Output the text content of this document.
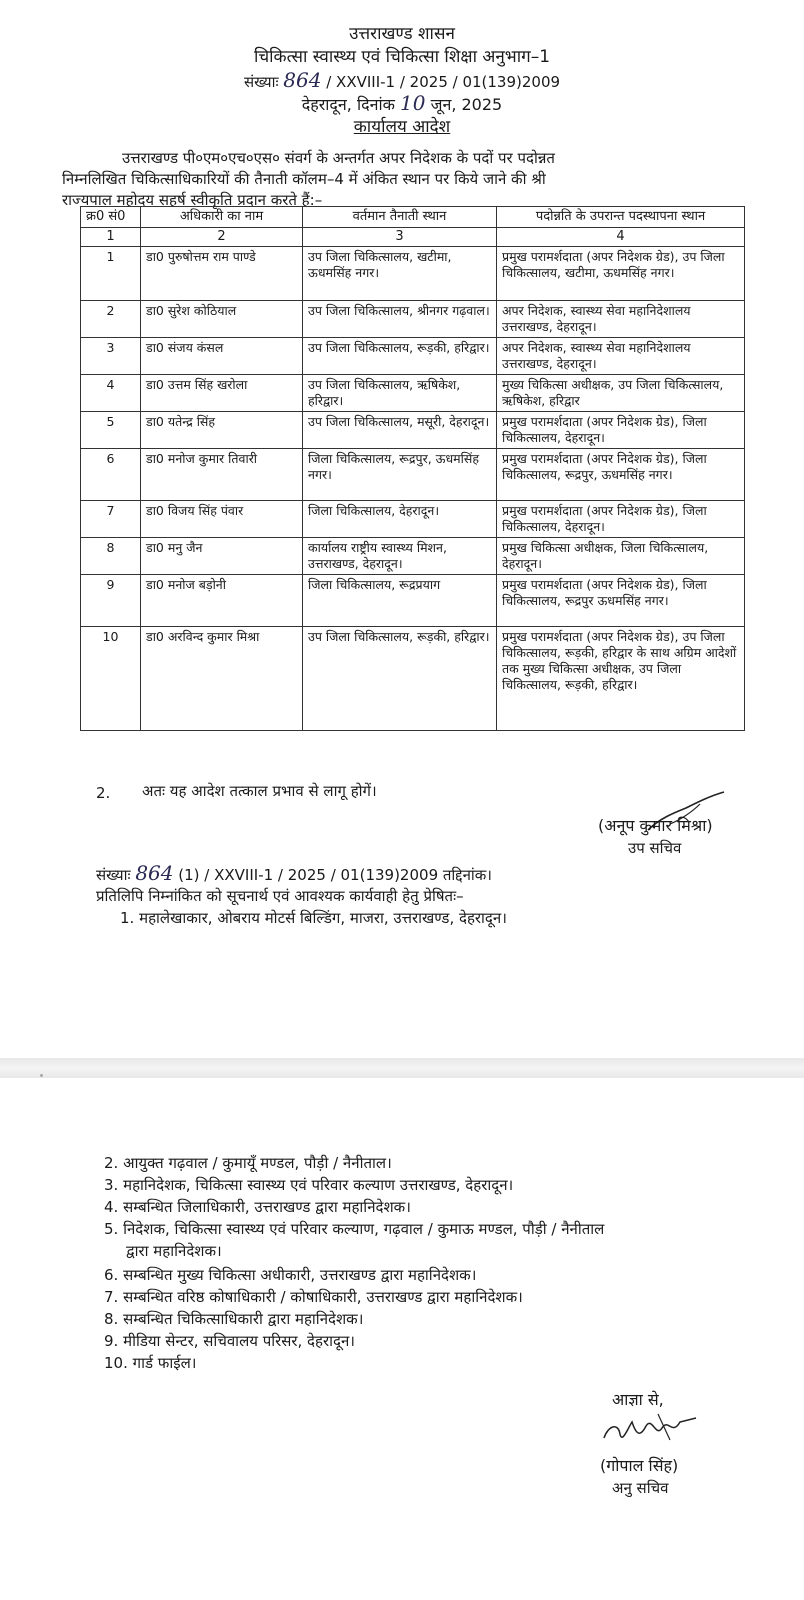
उत्तराखण्ड शासन
चिकित्सा स्वास्थ्य एवं चिकित्सा शिक्षा अनुभाग–1
संख्याः 864 / XXVIII-1 / 2025 / 01(139)2009
देहरादून, दिनांक 10 जून, 2025
कार्यालय आदेश
उत्तराखण्ड पी०एम०एच०एस० संवर्ग के अन्तर्गत अपर निदेशक के पदों पर पदोन्नत
निम्नलिखित चिकित्साधिकारियों की तैनाती कॉलम–4 में अंकित स्थान पर किये जाने की श्री
राज्यपाल महोदय सहर्ष स्वीकृति प्रदान करते हैं:–
क्र0 सं0	अधिकारी का नाम	वर्तमान तैनाती स्थान	पदोन्नति के उपरान्त पदस्थापना स्थान
1	2	3	4
1	डा0 पुरुषोत्तम राम पाण्डे	उप जिला चिकित्सालय, खटीमा, ऊधमसिंह नगर।	प्रमुख परामर्शदाता (अपर निदेशक ग्रेड), उप जिला चिकित्सालय, खटीमा, ऊधमसिंह नगर।
2	डा0 सुरेश कोठियाल	उप जिला चिकित्सालय, श्रीनगर गढ़वाल।	अपर निदेशक, स्वास्थ्य सेवा महानिदेशालय उत्तराखण्ड, देहरादून।
3	डा0 संजय कंसल	उप जिला चिकित्सालय, रूड़की, हरिद्वार।	अपर निदेशक, स्वास्थ्य सेवा महानिदेशालय उत्तराखण्ड, देहरादून।
4	डा0 उत्तम सिंह खरोला	उप जिला चिकित्सालय, ऋषिकेश, हरिद्वार।	मुख्य चिकित्सा अधीक्षक, उप जिला चिकित्सालय, ऋषिकेश, हरिद्वार
5	डा0 यतेन्द्र सिंह	उप जिला चिकित्सालय, मसूरी, देहरादून।	प्रमुख परामर्शदाता (अपर निदेशक ग्रेड), जिला चिकित्सालय, देहरादून।
6	डा0 मनोज कुमार तिवारी	जिला चिकित्सालय, रूद्रपुर, ऊधमसिंह नगर।	प्रमुख परामर्शदाता (अपर निदेशक ग्रेड), जिला चिकित्सालय, रूद्रपुर, ऊधमसिंह नगर।
7	डा0 विजय सिंह पंवार	जिला चिकित्सालय, देहरादून।	प्रमुख परामर्शदाता (अपर निदेशक ग्रेड), जिला चिकित्सालय, देहरादून।
8	डा0 मनु जैन	कार्यालय राष्ट्रीय स्वास्थ्य मिशन, उत्तराखण्ड, देहरादून।	प्रमुख चिकित्सा अधीक्षक, जिला चिकित्सालय, देहरादून।
9	डा0 मनोज बड़ोनी	जिला चिकित्सालय, रूद्रप्रयाग	प्रमुख परामर्शदाता (अपर निदेशक ग्रेड), जिला चिकित्सालय, रूद्रपुर ऊधमसिंह नगर।
10	डा0 अरविन्द कुमार मिश्रा	उप जिला चिकित्सालय, रूड़की, हरिद्वार।	प्रमुख परामर्शदाता (अपर निदेशक ग्रेड), उप जिला चिकित्सालय, रूड़की, हरिद्वार के साथ अग्रिम आदेशों तक मुख्य चिकित्सा अधीक्षक, उप जिला चिकित्सालय, रूड़की, हरिद्वार।
2. अतः यह आदेश तत्काल प्रभाव से लागू होगें।
(अनूप कुमार मिश्रा)
उप सचिव
संख्याः 864 (1) / XXVIII-1 / 2025 / 01(139)2009 तद्दिनांक।
प्रतिलिपि निम्नांकित को सूचनार्थ एवं आवश्यक कार्यवाही हेतु प्रेषितः–
1. महालेखाकार, ओबराय मोटर्स बिल्डिंग, माजरा, उत्तराखण्ड, देहरादून।
2. आयुक्त गढ़वाल / कुमायूँ मण्डल, पौड़ी / नैनीताल।
3. महानिदेशक, चिकित्सा स्वास्थ्य एवं परिवार कल्याण उत्तराखण्ड, देहरादून।
4. सम्बन्धित जिलाधिकारी, उत्तराखण्ड द्वारा महानिदेशक।
5. निदेशक, चिकित्सा स्वास्थ्य एवं परिवार कल्याण, गढ़वाल / कुमाऊ मण्डल, पौड़ी / नैनीताल
द्वारा महानिदेशक।
6. सम्बन्धित मुख्य चिकित्सा अधीकारी, उत्तराखण्ड द्वारा महानिदेशक।
7. सम्बन्धित वरिष्ठ कोषाधिकारी / कोषाधिकारी, उत्तराखण्ड द्वारा महानिदेशक।
8. सम्बन्धित चिकित्साधिकारी द्वारा महानिदेशक।
9. मीडिया सेन्टर, सचिवालय परिसर, देहरादून।
10. गार्ड फाईल।
आज्ञा से,
(गोपाल सिंह)
अनु सचिव
